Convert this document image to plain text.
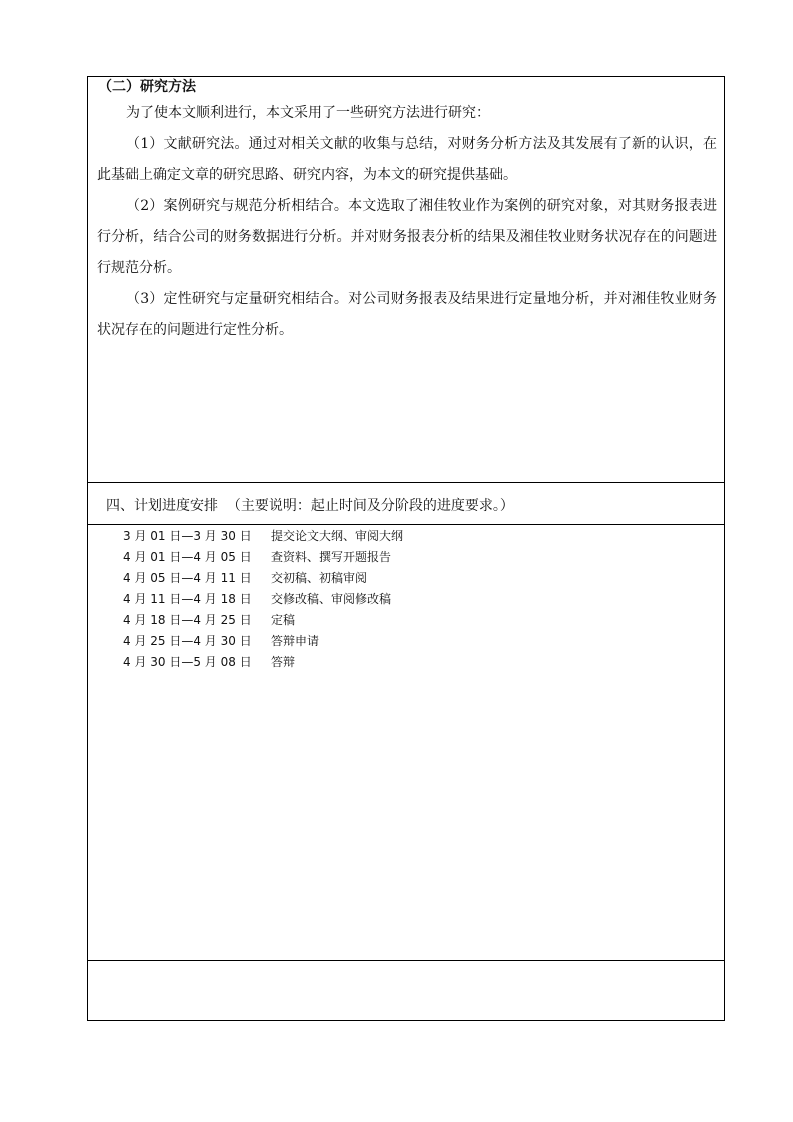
（二）研究方法

为了使本文顺利进行，本文采用了一些研究方法进行研究：

（1）文献研究法。通过对相关文献的收集与总结，对财务分析方法及其发展有了新的认识，在此基础上确定文章的研究思路、研究内容，为本文的研究提供基础。

（2）案例研究与规范分析相结合。本文选取了湘佳牧业作为案例的研究对象，对其财务报表进行分析，结合公司的财务数据进行分析。并对财务报表分析的结果及湘佳牧业财务状况存在的问题进行规范分析。

（3）定性研究与定量研究相结合。对公司财务报表及结果进行定量地分析，并对湘佳牧业财务状况存在的问题进行定性分析。

四、计划进度安排  （主要说明：起止时间及分阶段的进度要求。）
3 月 01 日—3 月 30 日 提交论文大纲、审阅大纲
4 月 01 日—4 月 05 日 查资料、撰写开题报告
4 月 05 日—4 月 11 日 交初稿、初稿审阅
4 月 11 日—4 月 18 日 交修改稿、审阅修改稿
4 月 18 日—4 月 25 日 定稿
4 月 25 日—4 月 30 日 答辩申请
4 月 30 日—5 月 08 日 答辩
